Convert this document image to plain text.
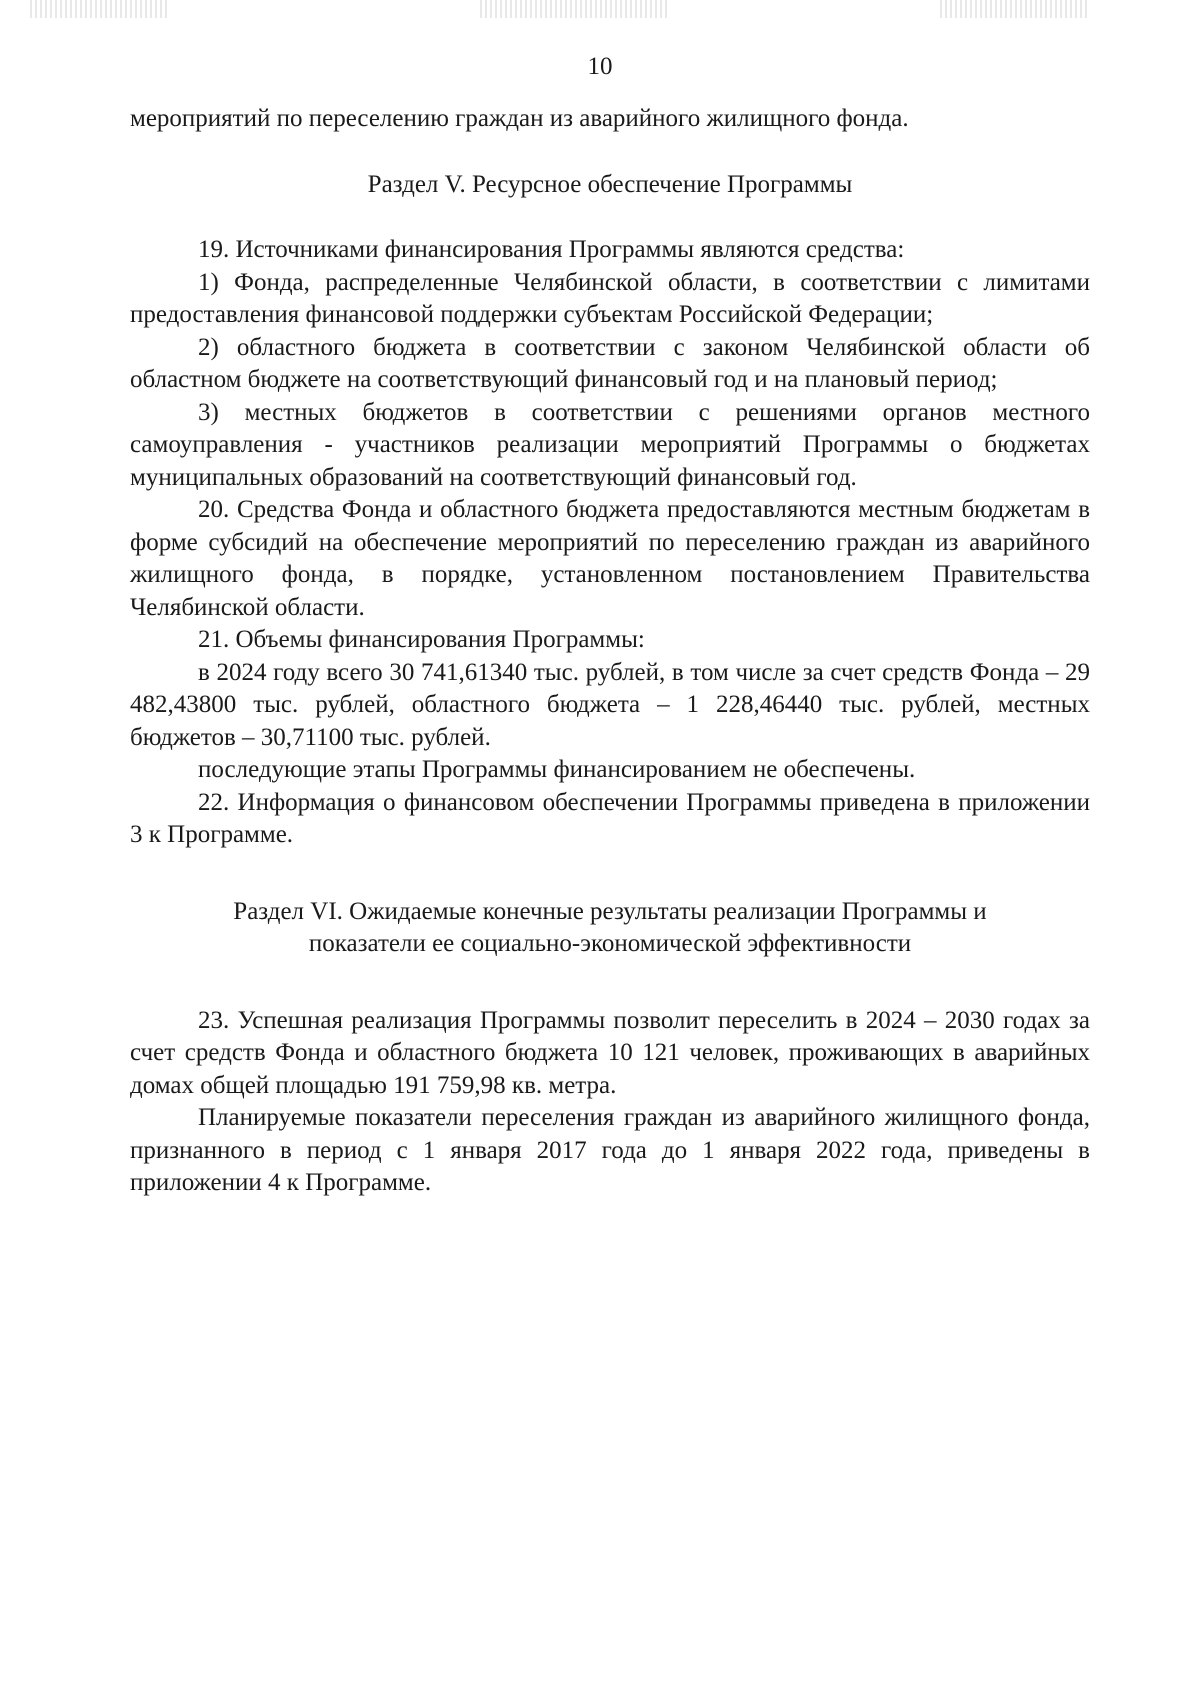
10

мероприятий по переселению граждан из аварийного жилищного фонда.

Раздел V. Ресурсное обеспечение Программы

19. Источниками финансирования Программы являются средства:

1) Фонда, распределенные Челябинской области, в соответствии с лимитами предоставления финансовой поддержки субъектам Российской Федерации;

2) областного бюджета в соответствии с законом Челябинской области об областном бюджете на соответствующий финансовый год и на плановый период;

3) местных бюджетов в соответствии с решениями органов местного самоуправления - участников реализации мероприятий Программы о бюджетах муниципальных образований на соответствующий финансовый год.

20. Средства Фонда и областного бюджета предоставляются местным бюджетам в форме субсидий на обеспечение мероприятий по переселению граждан из аварийного жилищного фонда, в порядке, установленном постановлением Правительства Челябинской области.

21. Объемы финансирования Программы:

в 2024 году всего 30 741,61340 тыс. рублей, в том числе за счет средств Фонда – 29 482,43800 тыс. рублей, областного бюджета – 1 228,46440 тыс. рублей, местных бюджетов – 30,71100 тыс. рублей.

последующие этапы Программы финансированием не обеспечены.

22. Информация о финансовом обеспечении Программы приведена в приложении 3 к Программе.

Раздел VI. Ожидаемые конечные результаты реализации Программы и

показатели ее социально-экономической эффективности

23. Успешная реализация Программы позволит переселить в 2024 – 2030 годах за счет средств Фонда и областного бюджета 10 121 человек, проживающих в аварийных домах общей площадью 191 759,98 кв. метра.

Планируемые показатели переселения граждан из аварийного жилищного фонда, признанного в период с 1 января 2017 года до 1 января 2022 года, приведены в приложении 4 к Программе.
